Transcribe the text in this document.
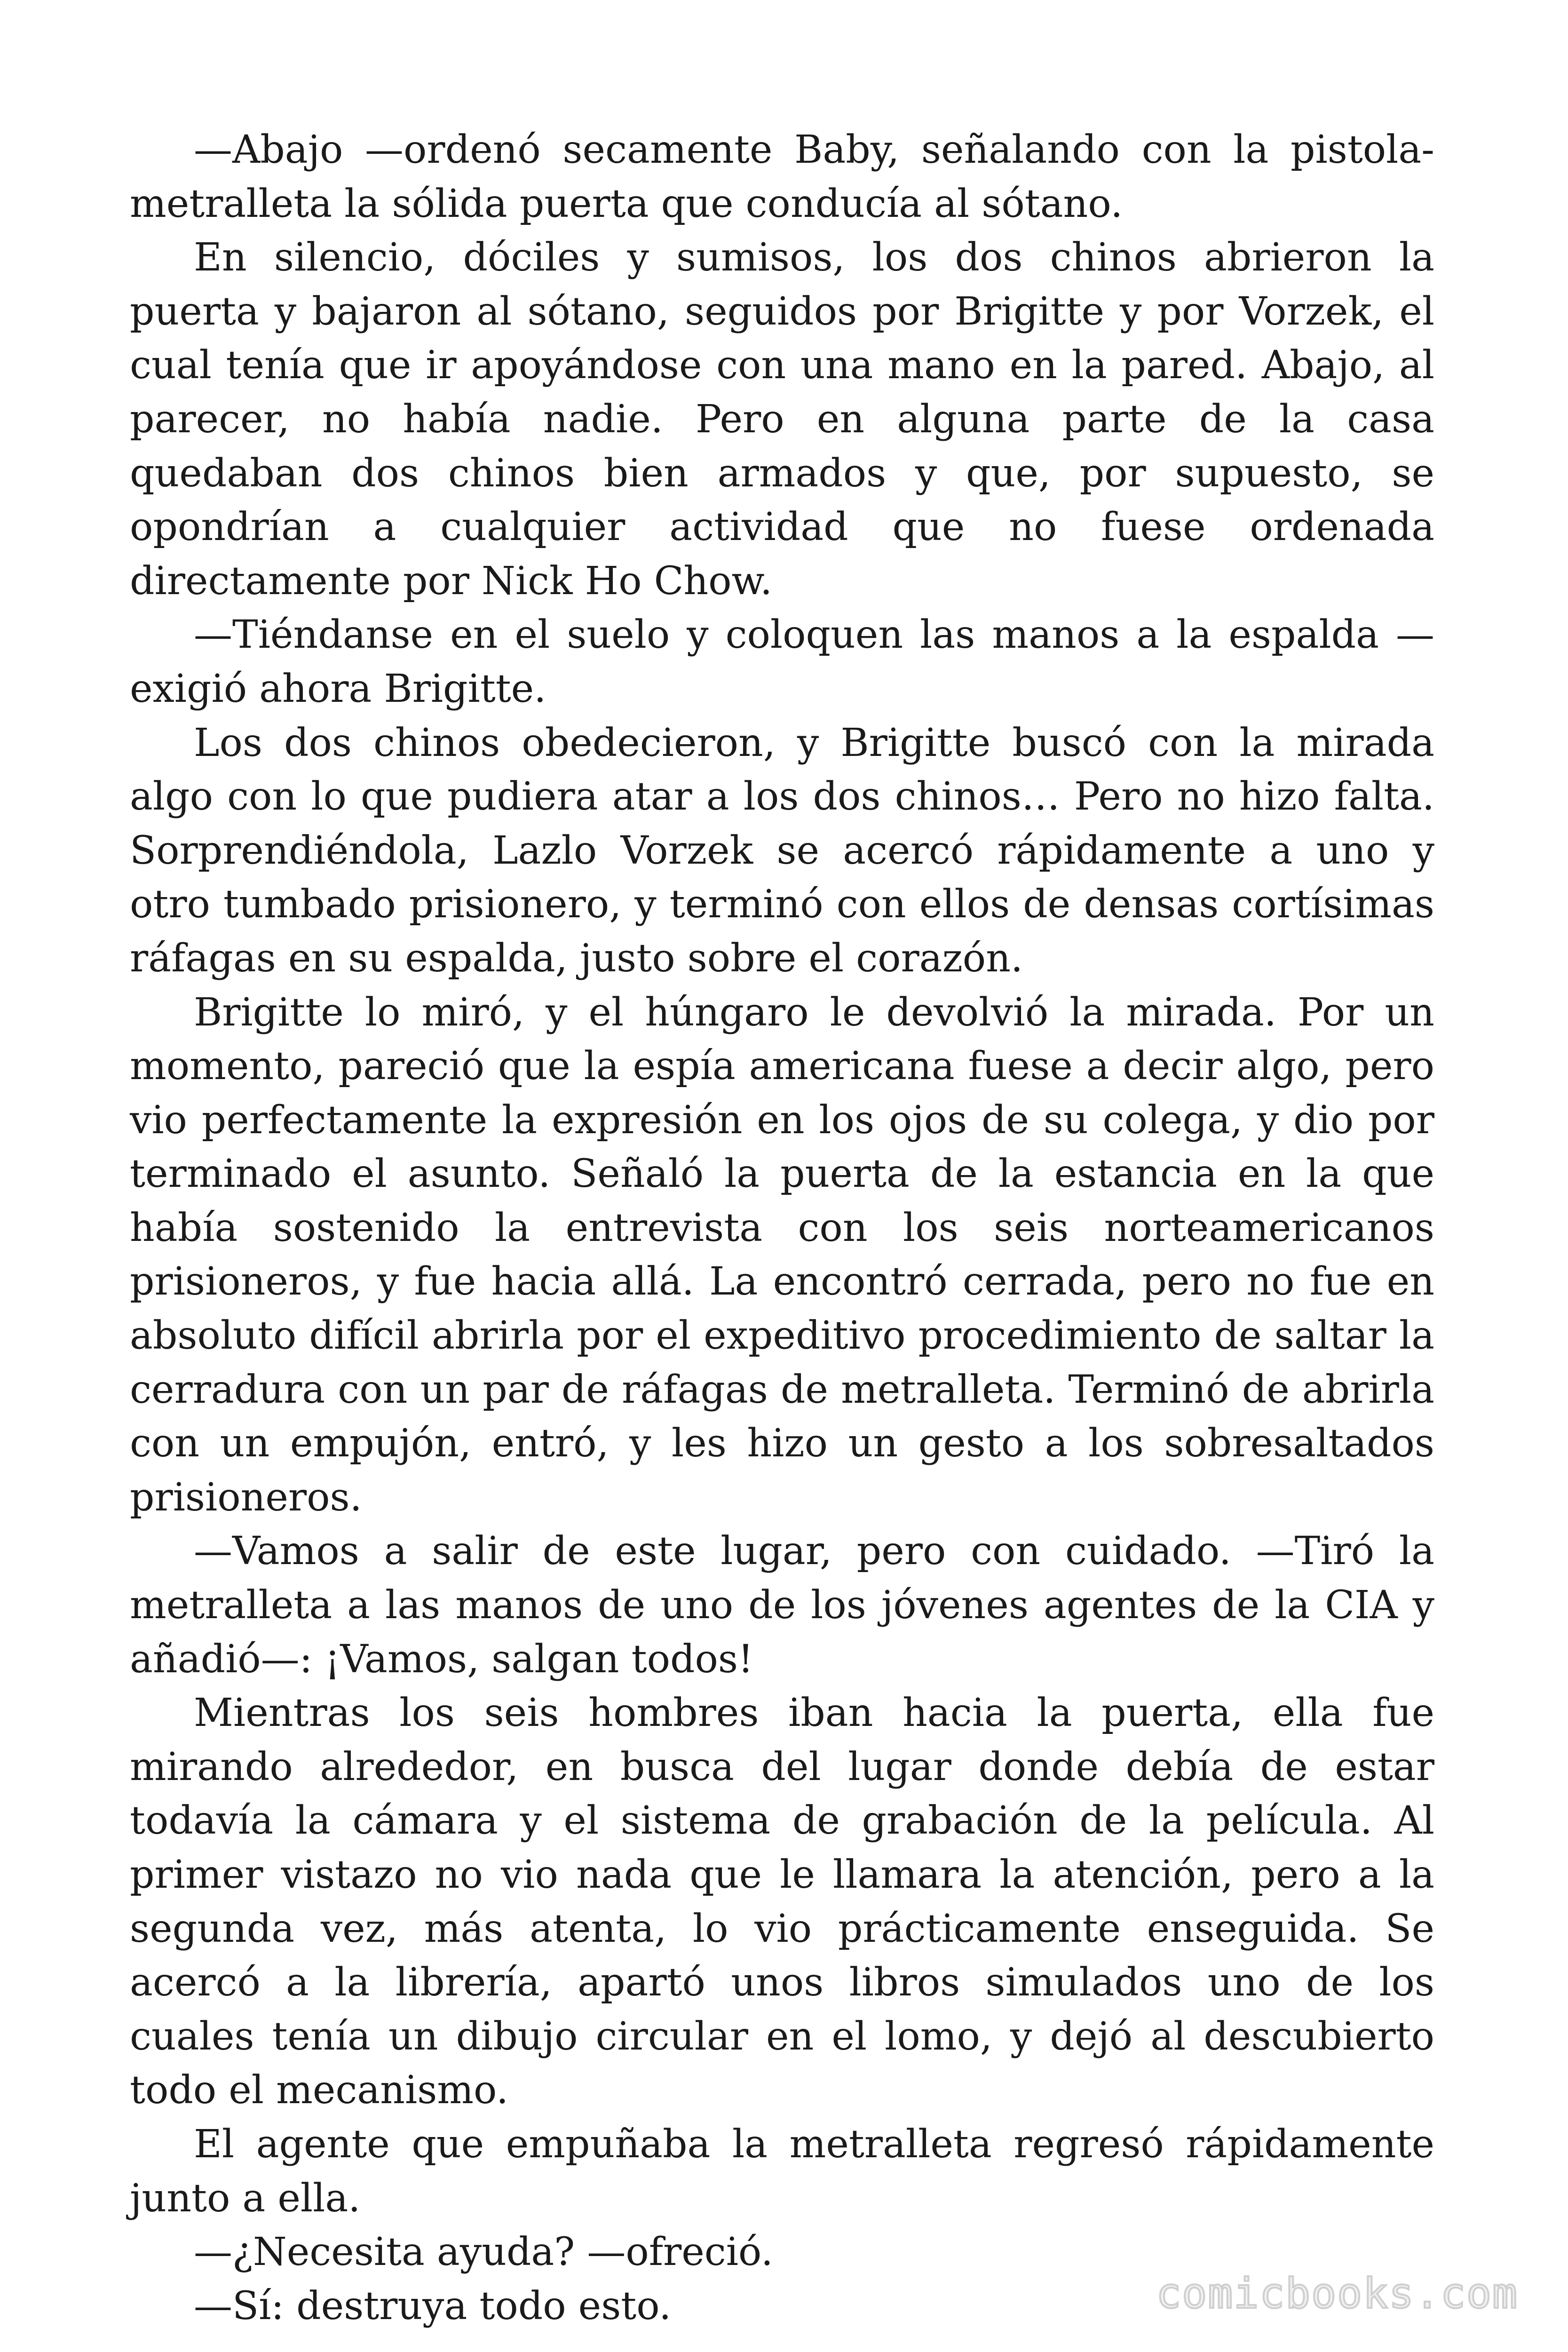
—Abajo —ordenó secamente Baby, señalando con la pistola-metralleta la sólida puerta que conducía al sótano.

En silencio, dóciles y sumisos, los dos chinos abrieron la puerta y bajaron al sótano, seguidos por Brigitte y por Vorzek, el cual tenía que ir apoyándose con una mano en la pared. Abajo, al parecer, no había nadie. Pero en alguna parte de la casa quedaban dos chinos bien armados y que, por supuesto, se opondrían a cualquier actividad que no fuese ordenada directamente por Nick Ho Chow.

—Tiéndanse en el suelo y coloquen las manos a la espalda —exigió ahora Brigitte.

Los dos chinos obedecieron, y Brigitte buscó con la mirada algo con lo que pudiera atar a los dos chinos… Pero no hizo falta. Sorprendiéndola, Lazlo Vorzek se acercó rápidamente a uno y otro tumbado prisionero, y terminó con ellos de densas cortísimas ráfagas en su espalda, justo sobre el corazón.

Brigitte lo miró, y el húngaro le devolvió la mirada. Por un momento, pareció que la espía americana fuese a decir algo, pero vio perfectamente la expresión en los ojos de su colega, y dio por terminado el asunto. Señaló la puerta de la estancia en la que había sostenido la entrevista con los seis norteamericanos prisioneros, y fue hacia allá. La encontró cerrada, pero no fue en absoluto difícil abrirla por el expeditivo procedimiento de saltar la cerradura con un par de ráfagas de metralleta. Terminó de abrirla con un empujón, entró, y les hizo un gesto a los sobresaltados prisioneros.

—Vamos a salir de este lugar, pero con cuidado. —Tiró la metralleta a las manos de uno de los jóvenes agentes de la CIA y añadió—: ¡Vamos, salgan todos!

Mientras los seis hombres iban hacia la puerta, ella fue mirando alrededor, en busca del lugar donde debía de estar todavía la cámara y el sistema de grabación de la película. Al primer vistazo no vio nada que le llamara la atención, pero a la segunda vez, más atenta, lo vio prácticamente enseguida. Se acercó a la librería, apartó unos libros simulados uno de los cuales tenía un dibujo circular en el lomo, y dejó al descubierto todo el mecanismo.

El agente que empuñaba la metralleta regresó rápidamente junto a ella.

—¿Necesita ayuda? —ofreció.

—Sí: destruya todo esto.	comicbooks.com
